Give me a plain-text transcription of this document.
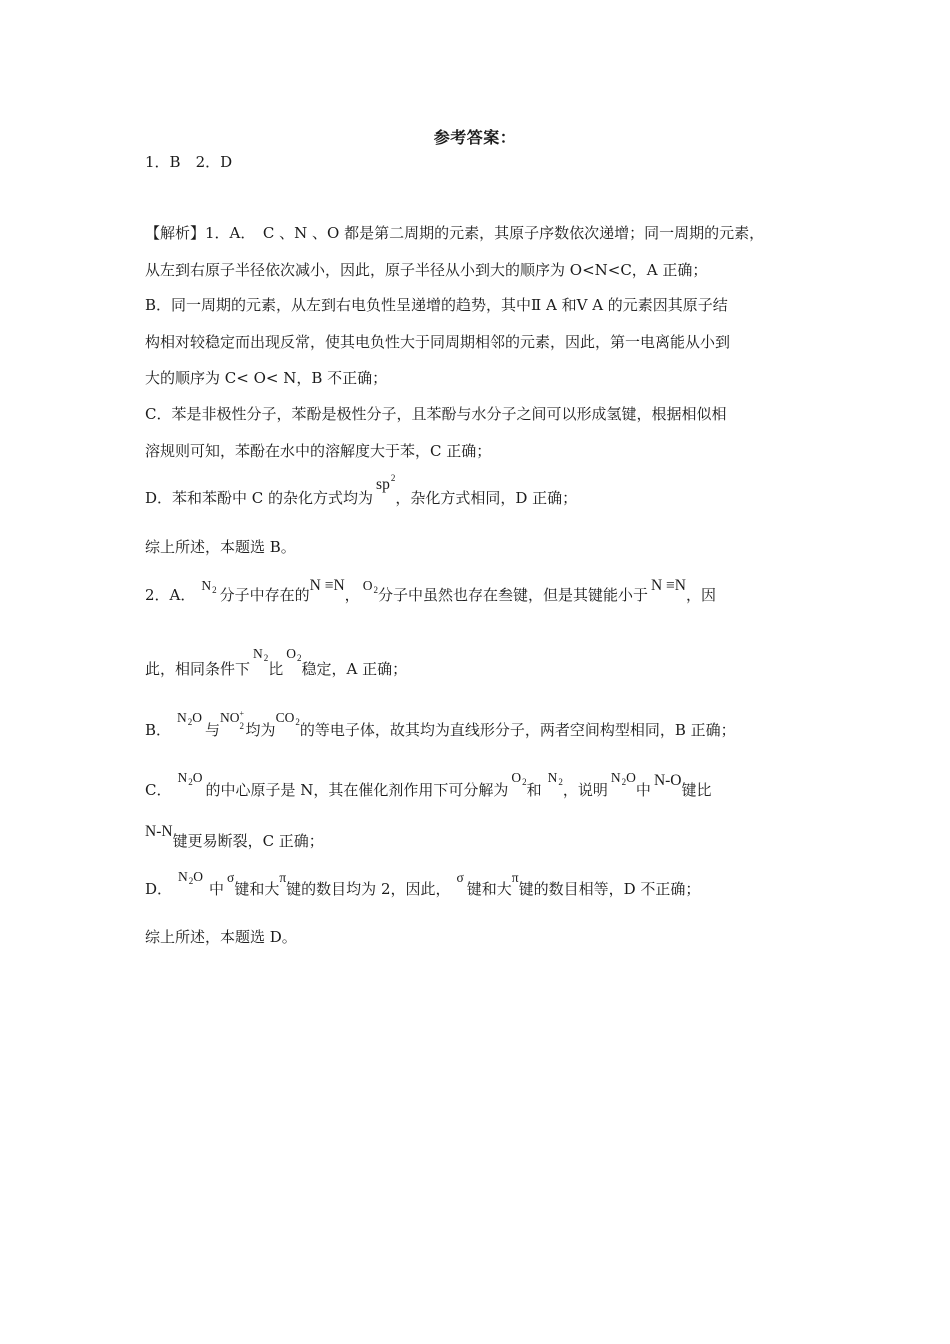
参考答案：
1．B　2．D
【解析】1．A．　C 、N 、O 都是第二周期的元素，其原子序数依次递增；同一周期的元素，
从左到右原子半径依次减小，因此，原子半径从小到大的顺序为 O<N<C，A 正确；
B．同一周期的元素，从左到右电负性呈递增的趋势，其中Ⅱ A 和Ⅴ A 的元素因其原子结
构相对较稳定而出现反常，使其电负性大于同周期相邻的元素，因此，第一电离能从小到
大的顺序为 C< O< N，B 不正确；
C．苯是非极性分子，苯酚是极性分子，且苯酚与水分子之间可以形成氢键，根据相似相
溶规则可知，苯酚在水中的溶解度大于苯，C 正确；
D．苯和苯酚中 C 的杂化方式均为$sp^2$，杂化方式相同，D 正确；
综上所述，本题选 B。
2．A．$N_2$ 分子中存在的N ≡N，$O_2$分子中虽然也存在叁键，但是其键能小于N ≡N，因
此，相同条件下$N_2$比$O_2$稳定，A 正确；
B．$N_2O$与NO +
2 均为$CO_2$的等电子体，故其均为直线形分子，两者空间构型相同，B 正确；
C．$N_2O$的中心原子是 N，其在催化剂作用下可分解为$O_2$和$N_2$，说明$N_2O$中N-O键比
N-N键更易断裂，C 正确；
D．$N_2O$中σ键和大π键的数目均为 2，因此，σ键和大π键的数目相等，D 不正确；
综上所述，本题选 D。
